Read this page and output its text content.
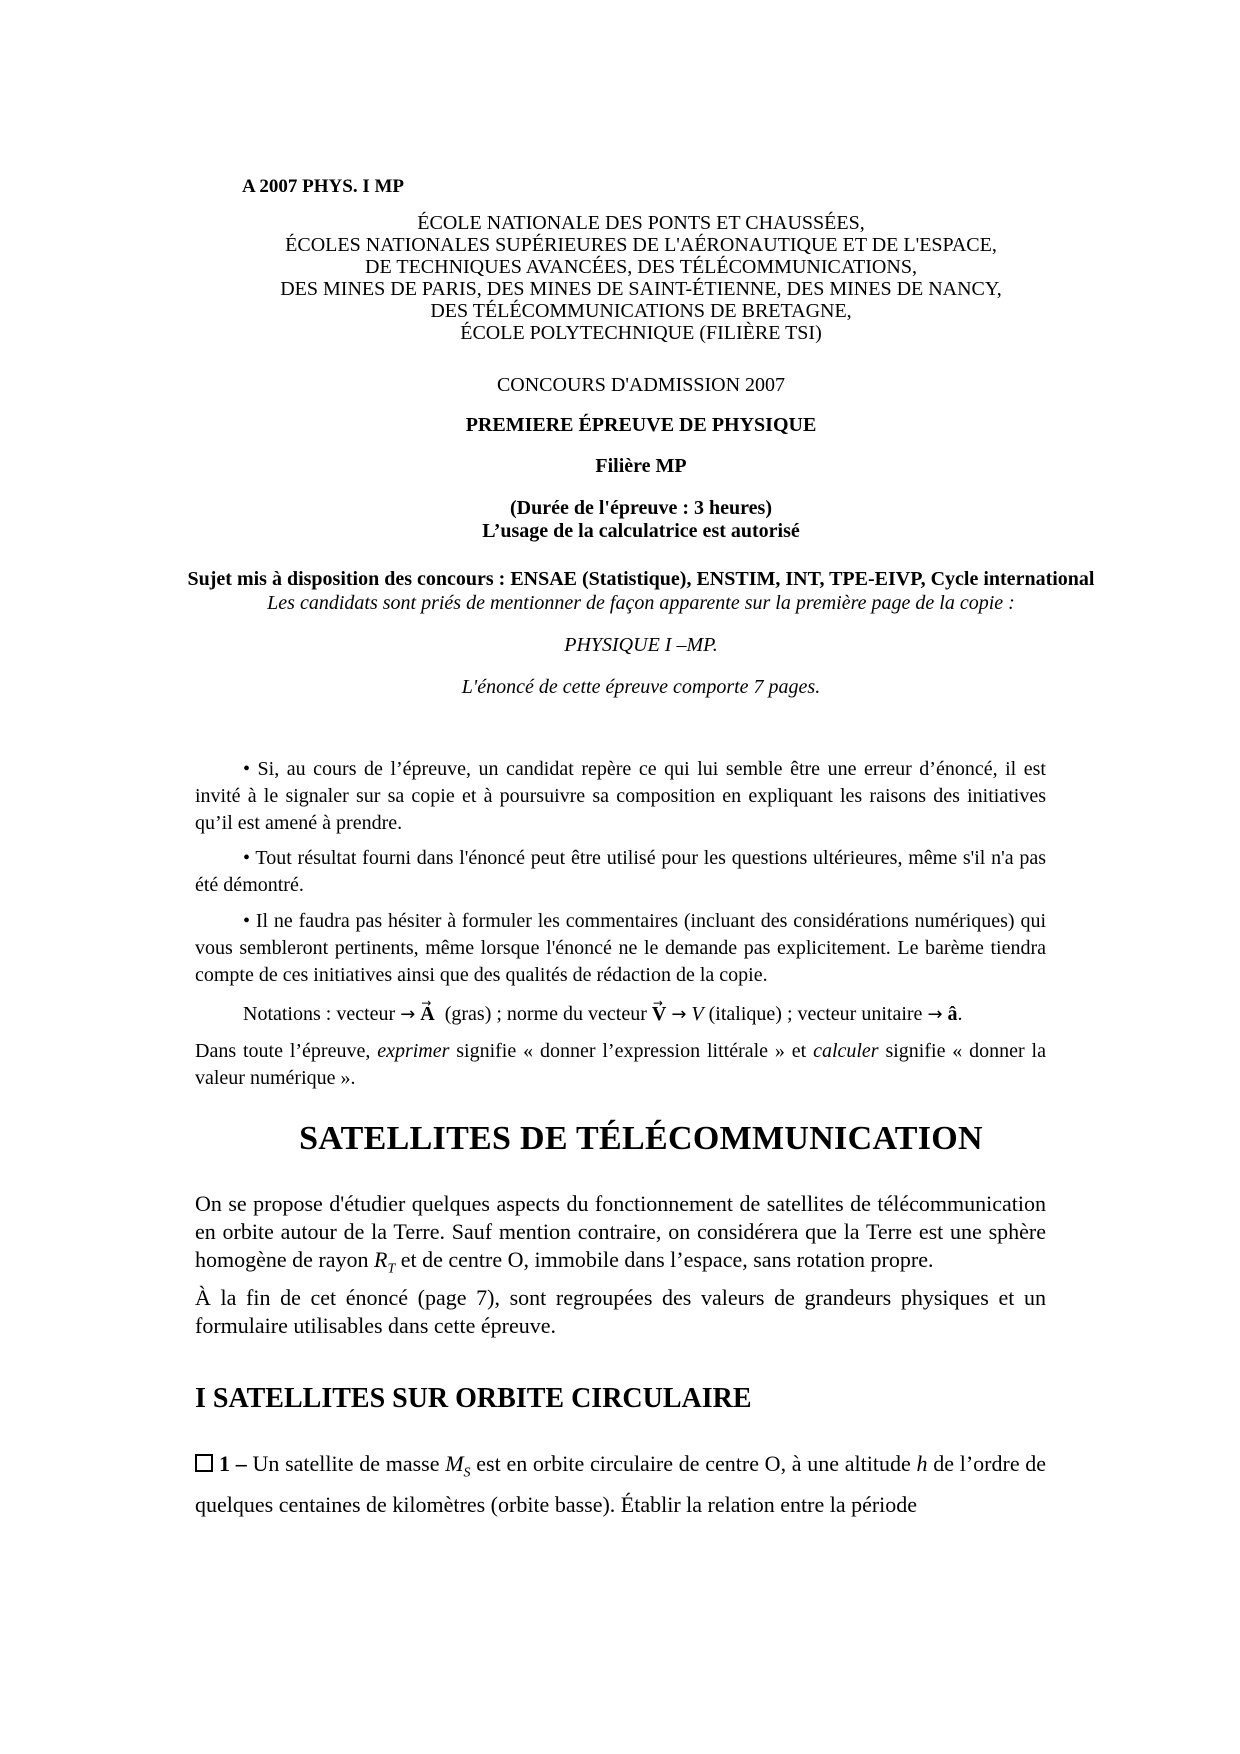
A 2007 PHYS. I MP
ÉCOLE NATIONALE DES PONTS ET CHAUSSÉES,
ÉCOLES NATIONALES SUPÉRIEURES DE L'AÉRONAUTIQUE ET DE L'ESPACE,
DE TECHNIQUES AVANCÉES, DES TÉLÉCOMMUNICATIONS,
DES MINES DE PARIS, DES MINES DE SAINT-ÉTIENNE, DES MINES DE NANCY,
DES TÉLÉCOMMUNICATIONS DE BRETAGNE,
ÉCOLE POLYTECHNIQUE (FILIÈRE TSI)
CONCOURS D'ADMISSION 2007
PREMIERE ÉPREUVE DE PHYSIQUE
Filière MP
(Durée de l'épreuve : 3 heures)
L’usage de la calculatrice est autorisé
Sujet mis à disposition des concours : ENSAE (Statistique), ENSTIM, INT, TPE-EIVP, Cycle international
Les candidats sont priés de mentionner de façon apparente sur la première page de la copie :
PHYSIQUE I –MP.
L'énoncé de cette épreuve comporte 7 pages.

• Si, au cours de l’épreuve, un candidat repère ce qui lui semble être une erreur d’énoncé, il est invité à le signaler sur sa copie et à poursuivre sa composition en expliquant les raisons des initiatives qu’il est amené à prendre.

• Tout résultat fourni dans l'énoncé peut être utilisé pour les questions ultérieures, même s'il n'a pas été démontré.

• Il ne faudra pas hésiter à formuler les commentaires (incluant des considérations numériques) qui vous sembleront pertinents, même lorsque l'énoncé ne le demande pas explicitement. Le barème tiendra compte de ces initiatives ainsi que des qualités de rédaction de la copie.

Notations : vecteur → → A (gras) ; norme du vecteur → V → V (italique) ; vecteur unitaire → â.

Dans toute l’épreuve, exprimer signifie « donner l’expression littérale » et calculer signifie « donner la valeur numérique ».

SATELLITES DE TÉLÉCOMMUNICATION
On se propose d'étudier quelques aspects du fonctionnement de satellites de télécommunication en orbite autour de la Terre. Sauf mention contraire, on considérera que la Terre est une sphère homogène de rayon $R_T$ et de centre O, immobile dans l’espace, sans rotation propre.
À la fin de cet énoncé (page 7), sont regroupées des valeurs de grandeurs physiques et un formulaire utilisables dans cette épreuve.
I SATELLITES SUR ORBITE CIRCULAIRE
1 – Un satellite de masse $M_S$ est en orbite circulaire de centre O, à une altitude h de l’ordre de quelques centaines de kilomètres (orbite basse). Établir la relation entre la période
